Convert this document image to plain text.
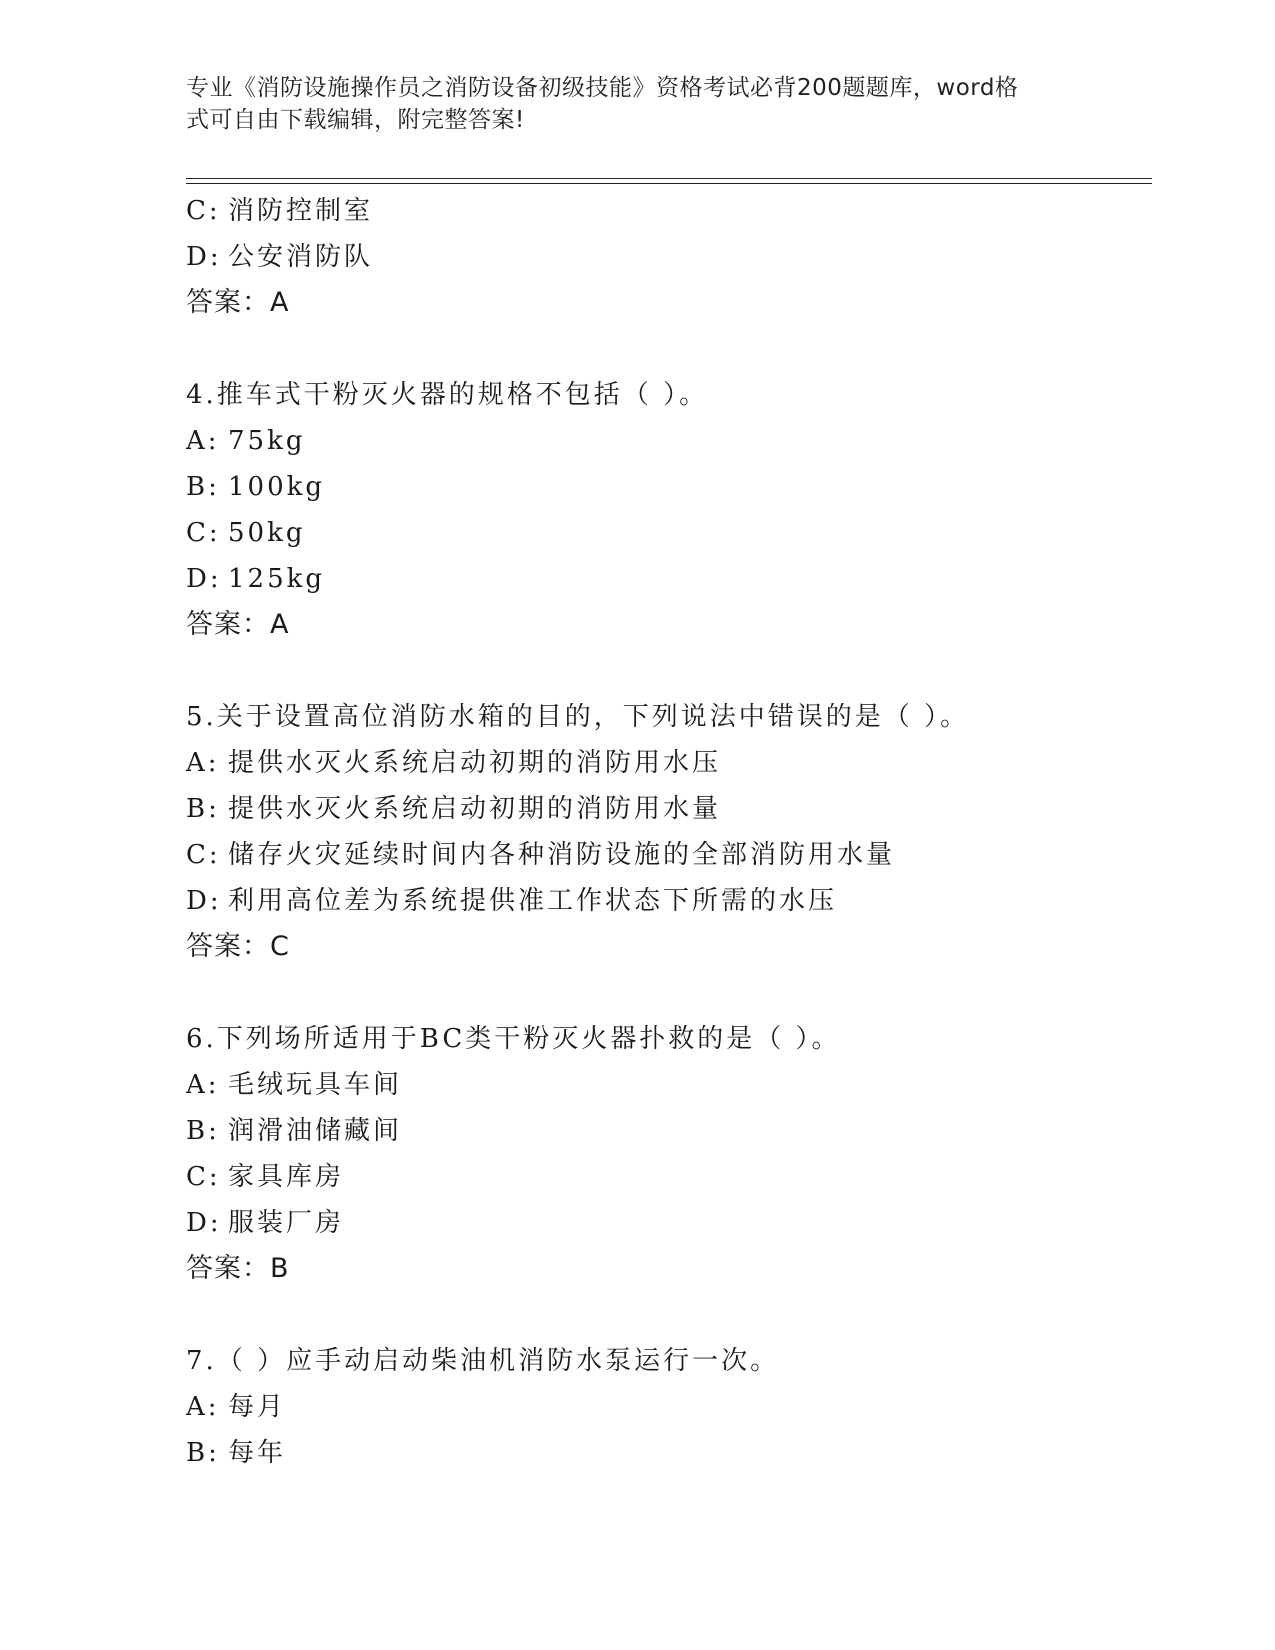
专业《消防设施操作员之消防设备初级技能》资格考试必背200题题库，word格
式可自由下载编辑，附完整答案!
C: 消防控制室
D: 公安消防队
答案：A
4.推车式干粉灭火器的规格不包括（ ）。
A: 75kg
B: 100kg
C: 50kg
D: 125kg
答案：A
5.关于设置高位消防水箱的目的，下列说法中错误的是（ ）。
A: 提供水灭火系统启动初期的消防用水压
B: 提供水灭火系统启动初期的消防用水量
C: 储存火灾延续时间内各种消防设施的全部消防用水量
D: 利用高位差为系统提供准工作状态下所需的水压
答案：C
6.下列场所适用于BC类干粉灭火器扑救的是（ ）。
A: 毛绒玩具车间
B: 润滑油储藏间
C: 家具库房
D: 服装厂房
答案：B
7.（ ）应手动启动柴油机消防水泵运行一次。
A: 每月
B: 每年
